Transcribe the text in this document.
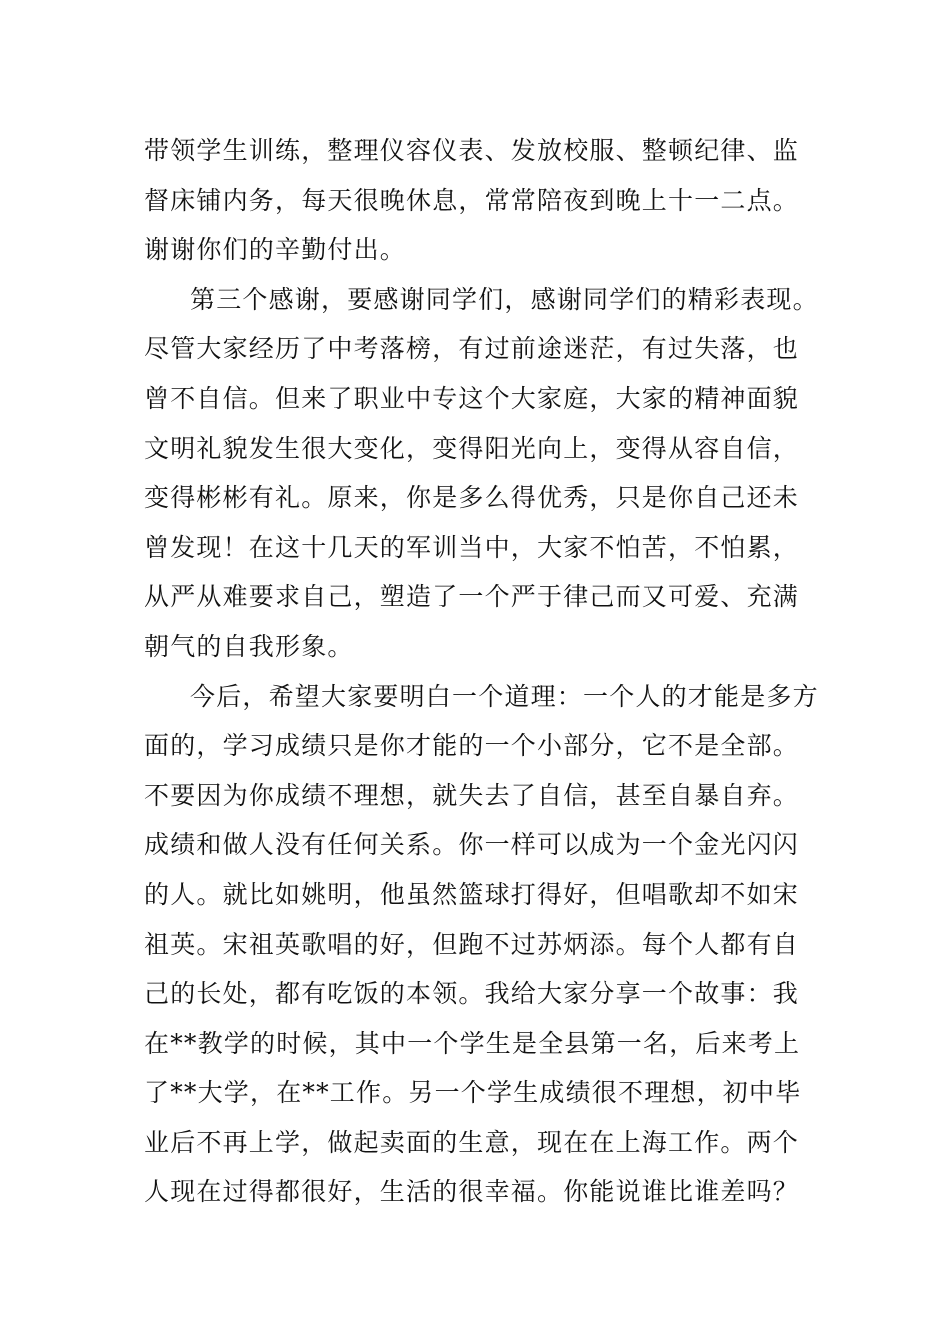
带领学生训练，整理仪容仪表、发放校服、整顿纪律、监
督床铺内务，每天很晚休息，常常陪夜到晚上十一二点。
谢谢你们的辛勤付出。
第三个感谢，要感谢同学们，感谢同学们的精彩表现。
尽管大家经历了中考落榜，有过前途迷茫，有过失落，也
曾不自信。但来了职业中专这个大家庭，大家的精神面貌
文明礼貌发生很大变化，变得阳光向上，变得从容自信，
变得彬彬有礼。原来，你是多么得优秀，只是你自己还未
曾发现！在这十几天的军训当中，大家不怕苦，不怕累，
从严从难要求自己，塑造了一个严于律己而又可爱、充满
朝气的自我形象。
今后，希望大家要明白一个道理：一个人的才能是多方
面的，学习成绩只是你才能的一个小部分，它不是全部。
不要因为你成绩不理想，就失去了自信，甚至自暴自弃。
成绩和做人没有任何关系。你一样可以成为一个金光闪闪
的人。就比如姚明，他虽然篮球打得好，但唱歌却不如宋
祖英。宋祖英歌唱的好，但跑不过苏炳添。每个人都有自
己的长处，都有吃饭的本领。我给大家分享一个故事：我
在**教学的时候，其中一个学生是全县第一名，后来考上
了**大学，在**工作。另一个学生成绩很不理想，初中毕
业后不再上学，做起卖面的生意，现在在上海工作。两个
人现在过得都很好，生活的很幸福。你能说谁比谁差吗？
